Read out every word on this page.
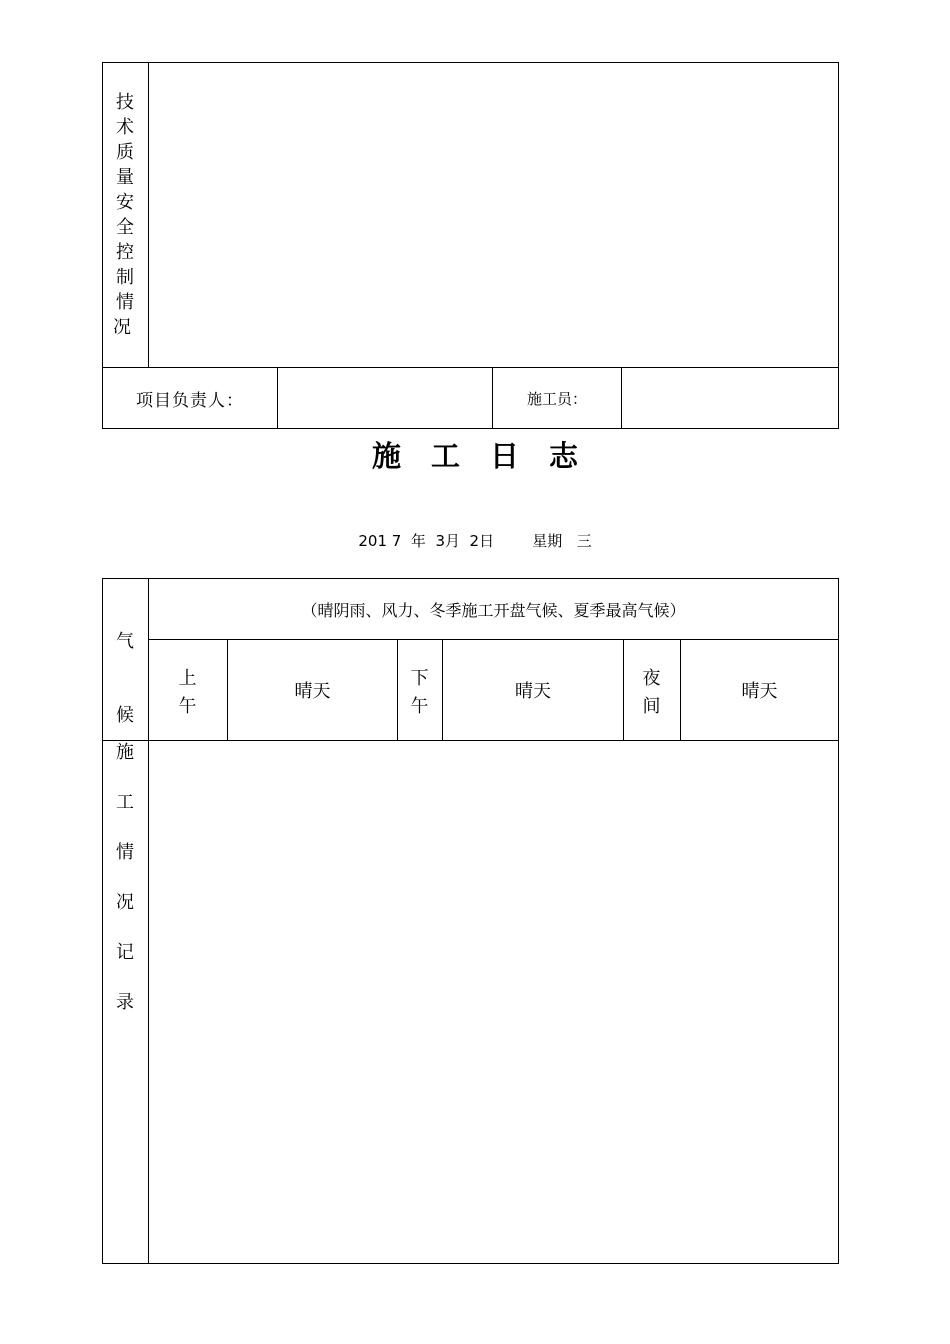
技
术
质
量
安
全
控
制
情
况
项目负责人：	施工员：
施 工 日 志
201 7 年 3月 2日	星期 三
气
候
（晴阴雨、风力、冬季施工开盘气候、夏季最高气候）
上
午
晴天
下
午
晴天
夜
间
晴天
施
工
情
况
记
录
